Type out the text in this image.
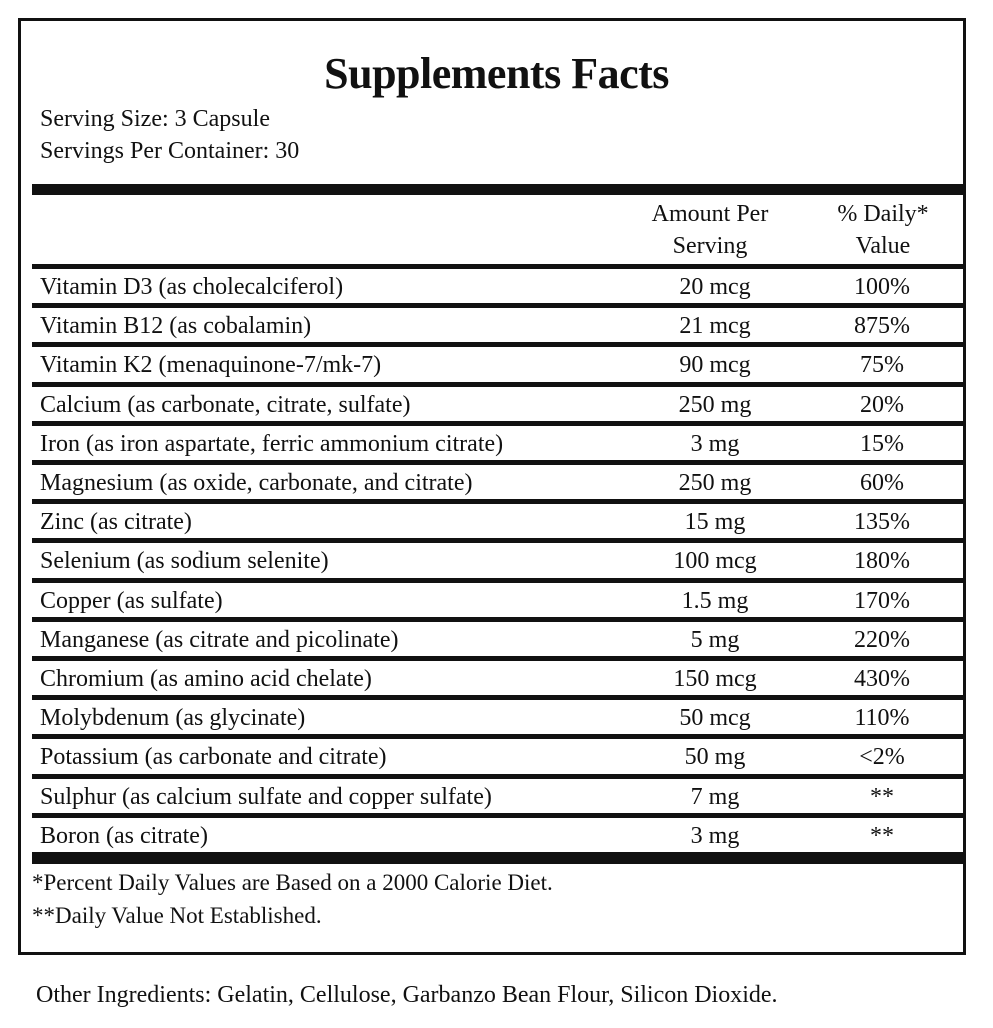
Supplements Facts
Serving Size: 3 Capsule
Servings Per Container: 30
Amount Per
Serving
% Daily*
Value
Vitamin D3 (as cholecalciferol)	20 mcg	100%
Vitamin B12 (as cobalamin)	21 mcg	875%
Vitamin K2 (menaquinone-7/mk-7)	90 mcg	75%
Calcium (as carbonate, citrate, sulfate)	250 mg	20%
Iron (as iron aspartate, ferric ammonium citrate)	3 mg	15%
Magnesium (as oxide, carbonate, and citrate)	250 mg	60%
Zinc (as citrate)	15 mg	135%
Selenium (as sodium selenite)	100 mcg	180%
Copper (as sulfate)	1.5 mg	170%
Manganese (as citrate and picolinate)	5 mg	220%
Chromium (as amino acid chelate)	150 mcg	430%
Molybdenum (as glycinate)	50 mcg	110%
Potassium (as carbonate and citrate)	50 mg	<2%
Sulphur (as calcium sulfate and copper sulfate)	7 mg	**
Boron (as citrate)	3 mg	**
*Percent Daily Values are Based on a 2000 Calorie Diet.
**Daily Value Not Established.
Other Ingredients: Gelatin, Cellulose, Garbanzo Bean Flour, Silicon Dioxide.
